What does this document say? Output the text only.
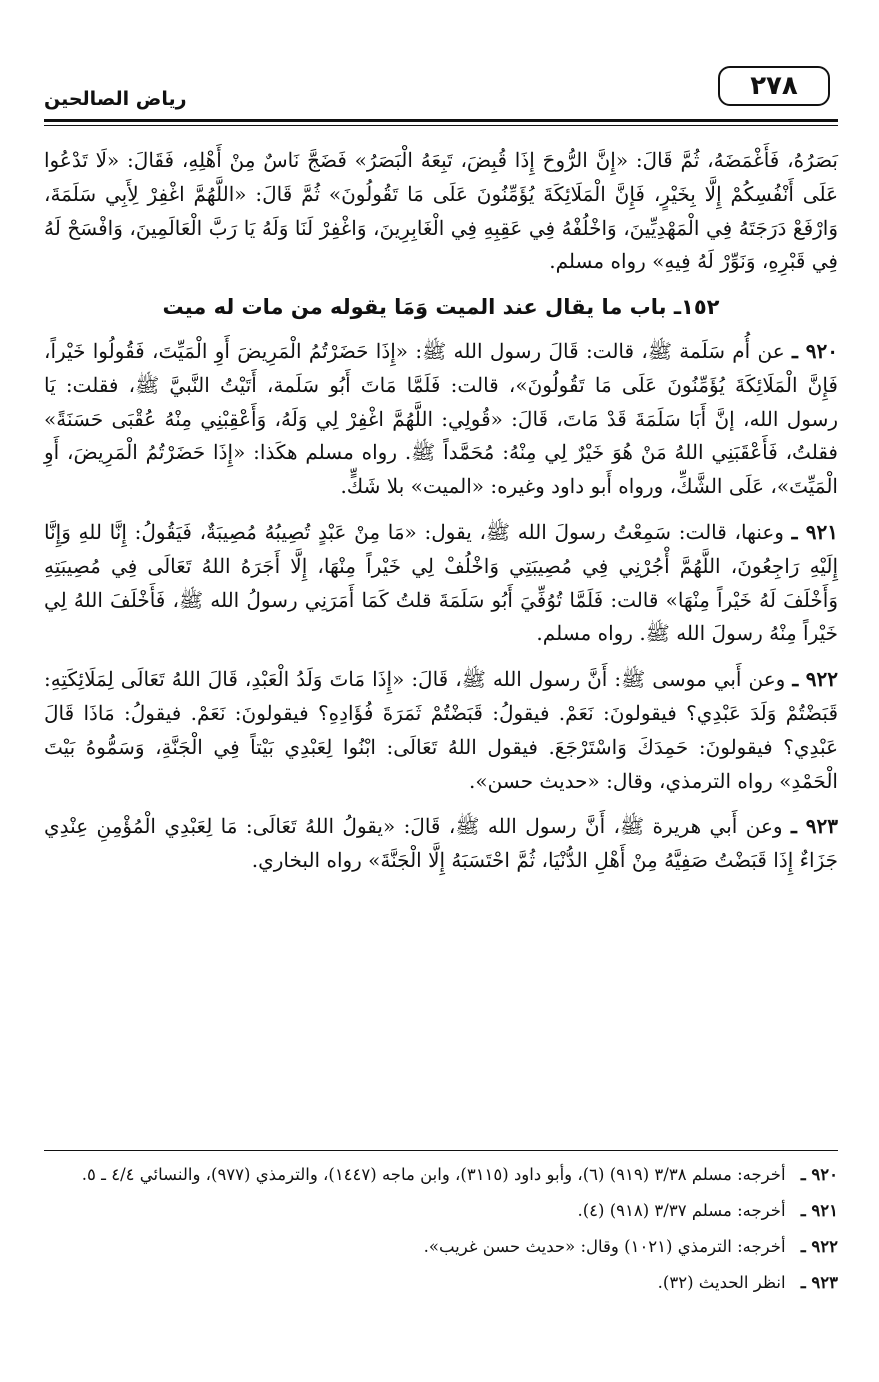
رياض الصالحين	٢٧٨

بَصَرُهُ، فَأَغْمَضَهُ، ثُمَّ قَالَ: «إِنَّ الرُّوحَ إِذَا قُبِضَ، تَبِعَهُ الْبَصَرُ» فَضَجَّ نَاسٌ مِنْ أَهْلِهِ، فَقَالَ: «لَا تَدْعُوا عَلَى أَنْفُسِكُمْ إِلَّا بِخَيْرٍ، فَإِنَّ الْمَلَائِكَةَ يُؤَمِّنُونَ عَلَى مَا تَقُولُونَ» ثُمَّ قَالَ: «اللَّهُمَّ اغْفِرْ لِأَبِي سَلَمَةَ، وَارْفَعْ دَرَجَتَهُ فِي الْمَهْدِيِّينَ، وَاخْلُفْهُ فِي عَقِبِهِ فِي الْغَابِرِينَ، وَاغْفِرْ لَنَا وَلَهُ يَا رَبَّ الْعَالَمِينَ، وَافْسَحْ لَهُ فِي قَبْرِهِ، وَنَوِّرْ لَهُ فِيهِ» رواه مسلم.

١٥٢ـ باب ما يقال عند الميت وَمَا يقوله من مات له ميت

٩٢٠ ـ عن أُم سَلَمة ﷺ، قالت: قَالَ رسول الله ﷺ: «إِذَا حَضَرْتُمُ الْمَرِيضَ أَوِ الْمَيِّتَ، فَقُولُوا خَيْراً، فَإِنَّ الْمَلَائِكَةَ يُؤَمِّنُونَ عَلَى مَا تَقُولُونَ»، قالت: فَلَمَّا مَاتَ أَبُو سَلَمة، أَتَيْتُ النَّبيَّ ﷺ، فقلت: يَا رسول الله، إنَّ أَبَا سَلَمَةَ قَدْ مَاتَ، قَالَ: «قُولِي: اللَّهُمَّ اغْفِرْ لِي وَلَهُ، وَأَعْقِبْنِي مِنْهُ عُقْبَى حَسَنَةً» فقلتُ، فَأَعْقَبَنِي اللهُ مَنْ هُوَ خَيْرٌ لِي مِنْهُ: مُحَمَّداً ﷺ. رواه مسلم هكَذا: «إِذَا حَضَرْتُمُ الْمَرِيضَ، أَوِ الْمَيِّتَ»، عَلَى الشَّكِّ، ورواه أَبو داود وغيره: «الميت» بلا شَكٍّ.

٩٢١ ـ وعنها، قالت: سَمِعْتُ رسولَ الله ﷺ، يقول: «مَا مِنْ عَبْدٍ تُصِيبُهُ مُصِيبَةٌ، فَيَقُولُ: إِنَّا للهِ وَإِنَّا إِلَيْهِ رَاجِعُونَ، اللَّهُمَّ أْجُرْنِي فِي مُصِيبَتِي وَاخْلُفْ لِي خَيْراً مِنْهَا، إِلَّا أَجَرَهُ اللهُ تَعَالَى فِي مُصِيبَتِهِ وَأَخْلَفَ لَهُ خَيْراً مِنْهَا» قالت: فَلَمَّا تُوُفِّيَ أَبُو سَلَمَةَ قلتُ كَمَا أَمَرَنِي رسولُ الله ﷺ، فَأَخْلَفَ اللهُ لِي خَيْراً مِنْهُ رسولَ الله ﷺ. رواه مسلم.

٩٢٢ ـ وعن أَبي موسى ﷺ: أَنَّ رسول الله ﷺ، قَالَ: «إِذَا مَاتَ وَلَدُ الْعَبْدِ، قَالَ اللهُ تَعَالَى لِمَلَائِكَتِهِ: قَبَضْتُمْ وَلَدَ عَبْدِي؟ فيقولونَ: نَعَمْ. فيقولُ: قَبَضْتُمْ ثَمَرَةَ فُؤَادِهِ؟ فيقولونَ: نَعَمْ. فيقولُ: مَاذَا قَالَ عَبْدِي؟ فيقولونَ: حَمِدَكَ وَاسْتَرْجَعَ. فيقول اللهُ تَعَالَى: ابْنُوا لِعَبْدِي بَيْتاً فِي الْجَنَّةِ، وَسَمُّوهُ بَيْتَ الْحَمْدِ» رواه الترمذي، وقال: «حديث حسن».

٩٢٣ ـ وعن أَبي هريرة ﷺ، أَنَّ رسول الله ﷺ، قَالَ: «يقولُ اللهُ تَعَالَى: مَا لِعَبْدِي الْمُؤْمِنِ عِنْدِي جَزَاءٌ إِذَا قَبَضْتُ صَفِيَّهُ مِنْ أَهْلِ الدُّنْيَا، ثُمَّ احْتَسَبَهُ إِلَّا الْجَنَّةَ» رواه البخاري.

٩٢٠ ـ أخرجه: مسلم ٣/٣٨ (٩١٩) (٦)، وأبو داود (٣١١٥)، وابن ماجه (١٤٤٧)، والترمذي (٩٧٧)، والنسائي ٤/٤ ـ ٥.
٩٢١ ـ أخرجه: مسلم ٣/٣٧ (٩١٨) (٤).
٩٢٢ ـ أخرجه: الترمذي (١٠٢١) وقال: «حديث حسن غريب».
٩٢٣ ـ انظر الحديث (٣٢).
